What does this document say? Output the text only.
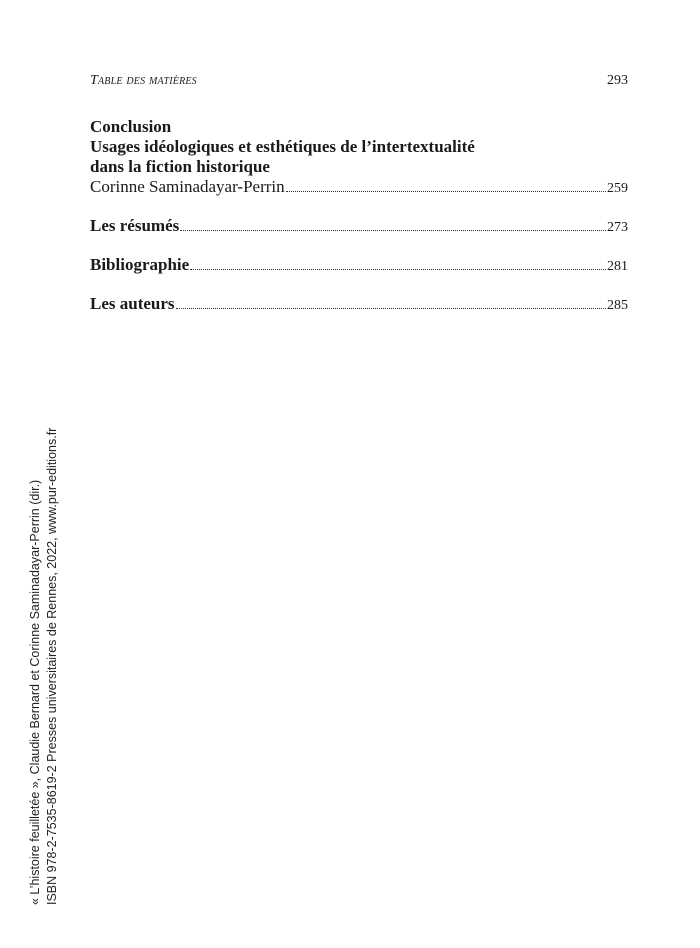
Table des matières	293
Conclusion
Usages idéologiques et esthétiques de l’intertextualité
dans la fiction historique
Corinne Saminadayar-Perrin	259
Les résumés	273
Bibliographie	281
Les auteurs	285
« L’histoire feuilletée », Claudie Bernard et Corinne Saminadayar-Perrin (dir.) ISBN 978-2-7535-8619-2 Presses universitaires de Rennes, 2022, www.pur-editions.fr
